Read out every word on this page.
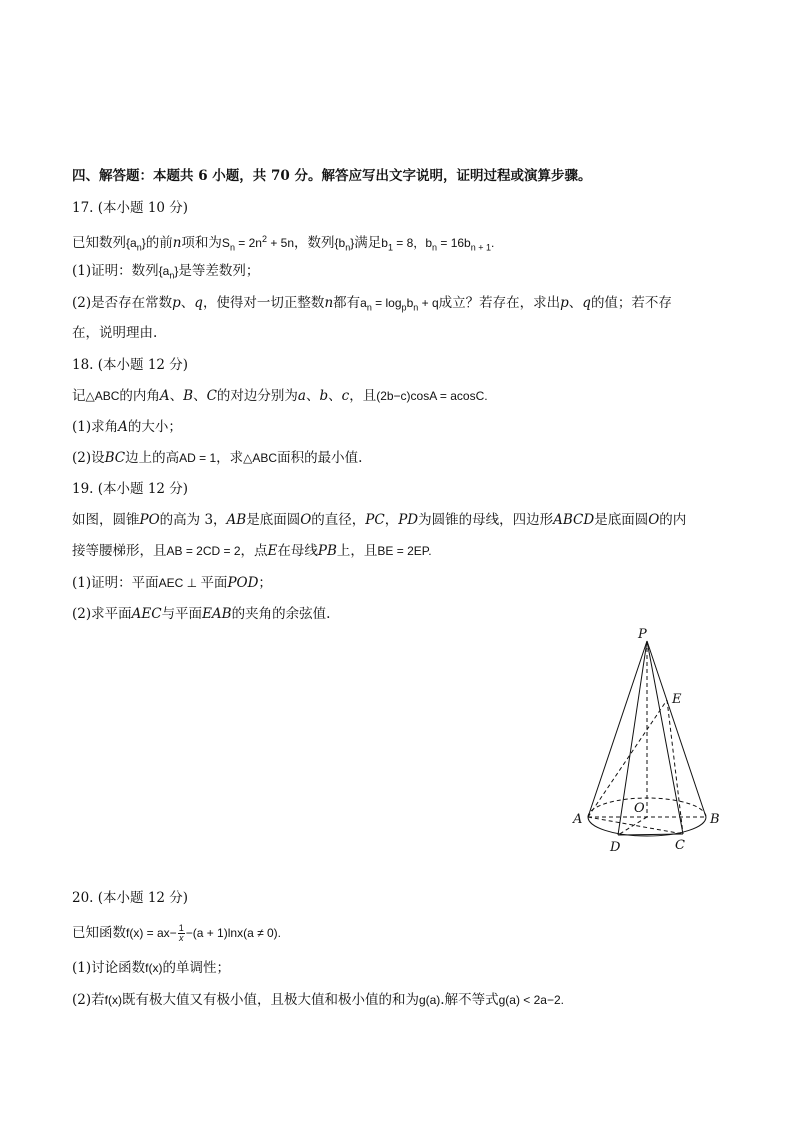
四、解答题：本题共 6 小题，共 70 分。解答应写出文字说明，证明过程或演算步骤。
17. (本小题 10 分)
已知数列$\{a_n\}$的前n项和为$S_n = 2n^2 + 5n$，数列$\{b_n\}$满足$b_1 = 8$，$b_n = 16b_{n + 1}$.
(1)证明：数列$\{a_n\}$是等差数列；
(2)是否存在常数p、q，使得对一切正整数n都有$a_n = \log_pb_n + q$成立？若存在，求出p、q的值；若不存
在，说明理由.
18. (本小题 12 分)
记△ABC的内角A、B、C的对边分别为a、b、c，且(2b−c)cosA = acosC.
(1)求角A的大小；
(2)设BC边上的高AD = 1，求△ABC面积的最小值.
19. (本小题 12 分)
如图，圆锥PO的高为 3，AB是底面圆O的直径，PC，PD为圆锥的母线，四边形ABCD是底面圆O的内
接等腰梯形，且AB = 2CD = 2，点E在母线PB上，且BE = 2EP.
(1)证明：平面AEC ⊥ 平面POD；
(2)求平面AEC与平面EAB的夹角的余弦值.
P
E
O
A	B
D	C
20. (本小题 12 分)
已知函数$f(x) = ax- \frac{1}{x} -(a + 1)\ln x(a \ne 0)$.
(1)讨论函数f(x)的单调性；
(2)若f(x)既有极大值又有极小值，且极大值和极小值的和为g(a).解不等式g(a) < 2a−2.
